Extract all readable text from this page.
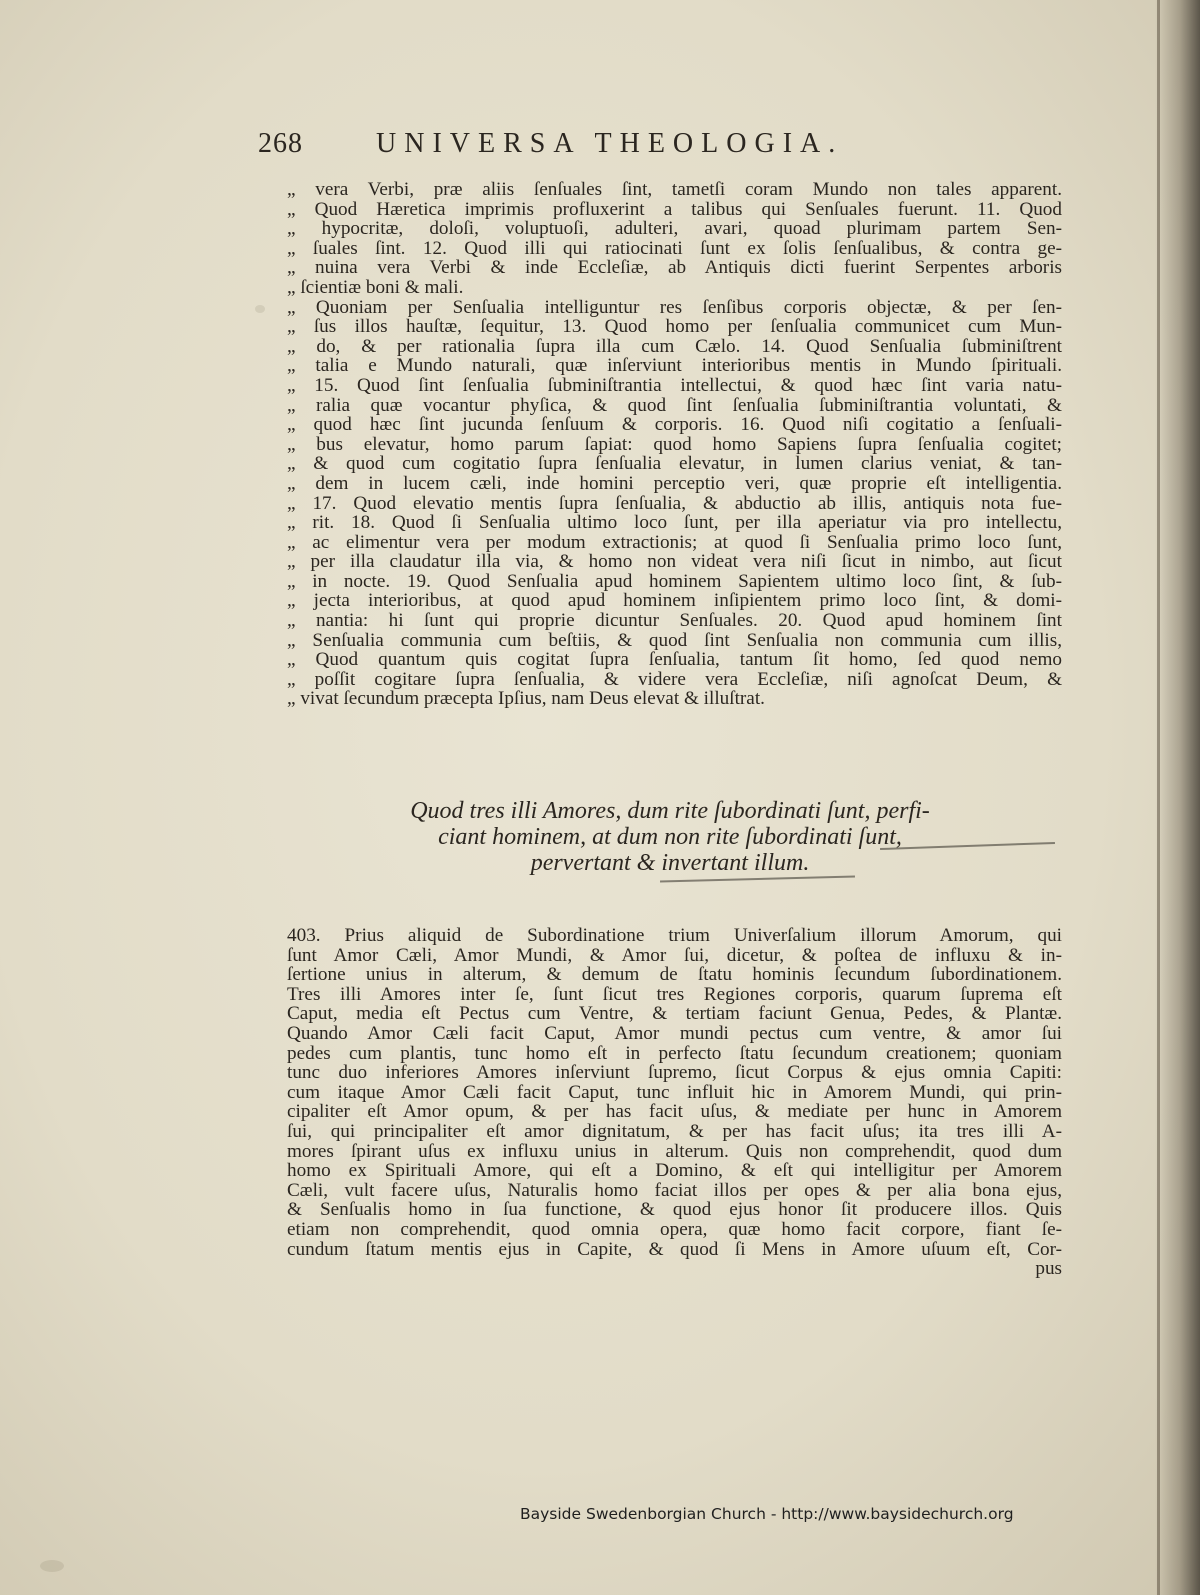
268	UNIVERSA THEOLOGIA.
„ vera Verbi, præ aliis ſenſuales ſint, tametſi coram Mundo non tales apparent.
„ Quod Hæretica imprimis profluxerint a talibus qui Senſuales fuerunt. 11. Quod
„ hypocritæ, doloſi, voluptuoſi, adulteri, avari, quoad plurimam partem Sen-
„ ſuales ſint. 12. Quod illi qui ratiocinati ſunt ex ſolis ſenſualibus, & contra ge-
„ nuina vera Verbi & inde Eccleſiæ, ab Antiquis dicti fuerint Serpentes arboris
„ ſcientiæ boni & mali.
„ Quoniam per Senſualia intelliguntur res ſenſibus corporis objectæ, & per ſen-
„ ſus illos hauſtæ, ſequitur, 13. Quod homo per ſenſualia communicet cum Mun-
„ do, & per rationalia ſupra illa cum Cælo. 14. Quod Senſualia ſubminiſtrent
„ talia e Mundo naturali, quæ inſerviunt interioribus mentis in Mundo ſpirituali.
„ 15. Quod ſint ſenſualia ſubminiſtrantia intellectui, & quod hæc ſint varia natu-
„ ralia quæ vocantur phyſica, & quod ſint ſenſualia ſubminiſtrantia voluntati, &
„ quod hæc ſint jucunda ſenſuum & corporis. 16. Quod niſi cogitatio a ſenſuali-
„ bus elevatur, homo parum ſapiat: quod homo Sapiens ſupra ſenſualia cogitet;
„ & quod cum cogitatio ſupra ſenſualia elevatur, in lumen clarius veniat, & tan-
„ dem in lucem cæli, inde homini perceptio veri, quæ proprie eſt intelligentia.
„ 17. Quod elevatio mentis ſupra ſenſualia, & abductio ab illis, antiquis nota fue-
„ rit. 18. Quod ſi Senſualia ultimo loco ſunt, per illa aperiatur via pro intellectu,
„ ac elimentur vera per modum extractionis; at quod ſi Senſualia primo loco ſunt,
„ per illa claudatur illa via, & homo non videat vera niſi ſicut in nimbo, aut ſicut
„ in nocte. 19. Quod Senſualia apud hominem Sapientem ultimo loco ſint, & ſub-
„ jecta interioribus, at quod apud hominem inſipientem primo loco ſint, & domi-
„ nantia: hi ſunt qui proprie dicuntur Senſuales. 20. Quod apud hominem ſint
„ Senſualia communia cum beſtiis, & quod ſint Senſualia non communia cum illis,
„ Quod quantum quis cogitat ſupra ſenſualia, tantum ſit homo, ſed quod nemo
„ poſſit cogitare ſupra ſenſualia, & videre vera Eccleſiæ, niſi agnoſcat Deum, &
„ vivat ſecundum præcepta Ipſius, nam Deus elevat & illuſtrat.
Quod tres illi Amores, dum rite ſubordinati ſunt, perfi-
ciant hominem, at dum non rite ſubordinati ſunt,
pervertant & invertant illum.
403. Prius aliquid de Subordinatione trium Univerſalium illorum Amorum, qui
ſunt Amor Cæli, Amor Mundi, & Amor ſui, dicetur, & poſtea de influxu & in-
ſertione unius in alterum, & demum de ſtatu hominis ſecundum ſubordinationem.
Tres illi Amores inter ſe, ſunt ſicut tres Regiones corporis, quarum ſuprema eſt
Caput, media eſt Pectus cum Ventre, & tertiam faciunt Genua, Pedes, & Plantæ.
Quando Amor Cæli facit Caput, Amor mundi pectus cum ventre, & amor ſui
pedes cum plantis, tunc homo eſt in perfecto ſtatu ſecundum creationem; quoniam
tunc duo inferiores Amores inſerviunt ſupremo, ſicut Corpus & ejus omnia Capiti:
cum itaque Amor Cæli facit Caput, tunc influit hic in Amorem Mundi, qui prin-
cipaliter eſt Amor opum, & per has facit uſus, & mediate per hunc in Amorem
ſui, qui principaliter eſt amor dignitatum, & per has facit uſus; ita tres illi A-
mores ſpirant uſus ex influxu unius in alterum. Quis non comprehendit, quod dum
homo ex Spirituali Amore, qui eſt a Domino, & eſt qui intelligitur per Amorem
Cæli, vult facere uſus, Naturalis homo faciat illos per opes & per alia bona ejus,
& Senſualis homo in ſua functione, & quod ejus honor ſit producere illos. Quis
etiam non comprehendit, quod omnia opera, quæ homo facit corpore, fiant ſe-
cundum ſtatum mentis ejus in Capite, & quod ſi Mens in Amore uſuum eſt, Cor-
pus
Bayside Swedenborgian Church - http://www.baysidechurch.org
